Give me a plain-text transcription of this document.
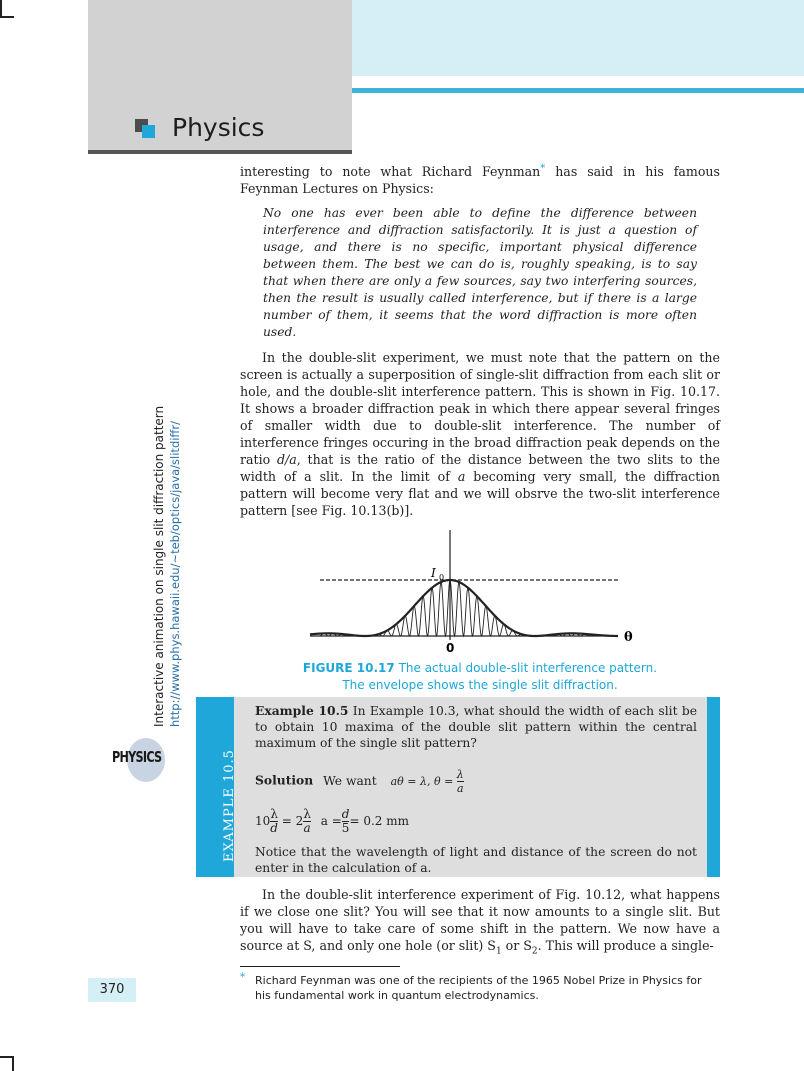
Physics

interesting to note what Richard Feynman* has said in his famous Feynman Lectures on Physics:

No one has ever been able to define the difference between interference and diffraction satisfactorily. It is just a question of usage, and there is no specific, important physical difference between them. The best we can do is, roughly speaking, is to say that when there are only a few sources, say two interfering sources, then the result is usually called interference, but if there is a large number of them, it seems that the word diffraction is more often used.

In the double-slit experiment, we must note that the pattern on the screen is actually a superposition of single-slit diffraction from each slit or hole, and the double-slit interference pattern. This is shown in Fig. 10.17. It shows a broader diffraction peak in which there appear several fringes of smaller width due to double-slit interference. The number of interference fringes occuring in the broad diffraction peak depends on the ratio d/a, that is the ratio of the distance between the two slits to the width of a slit. In the limit of a becoming very small, the diffraction pattern will become very flat and we will obsrve the two-slit interference pattern [see Fig. 10.13(b)].

Interactive animation on single slit diffraction pattern http://www.phys.hawaii.edu/~teb/optics/java/slitdiffr/
PHYSICS
I 0
0
θ
FIGURE 10.17 The actual double-slit interference pattern.
The envelope shows the single slit diffraction.
EXAMPLE 10.5

Example 10.5 In Example 10.3, what should the width of each slit be to obtain 10 maxima of the double slit pattern within the central maximum of the single slit pattern?

Solution We want aθ = λ, $\theta = \frac{\lambda}{a}$
$10 \frac{\lambda}{d} = 2 \frac{\lambda}{a}$ $a = \frac{d}{5} = 0.2$ mm

Notice that the wavelength of light and distance of the screen do not enter in the calculation of a.

In the double-slit interference experiment of Fig. 10.12, what happens if we close one slit? You will see that it now amounts to a single slit. But you will have to take care of some shift in the pattern. We now have a source at S, and only one hole (or slit) $S_1$ or $S_2$. This will produce a single-

* Richard Feynman was one of the recipients of the 1965 Nobel Prize in Physics for his fundamental work in quantum electrodynamics.
370
